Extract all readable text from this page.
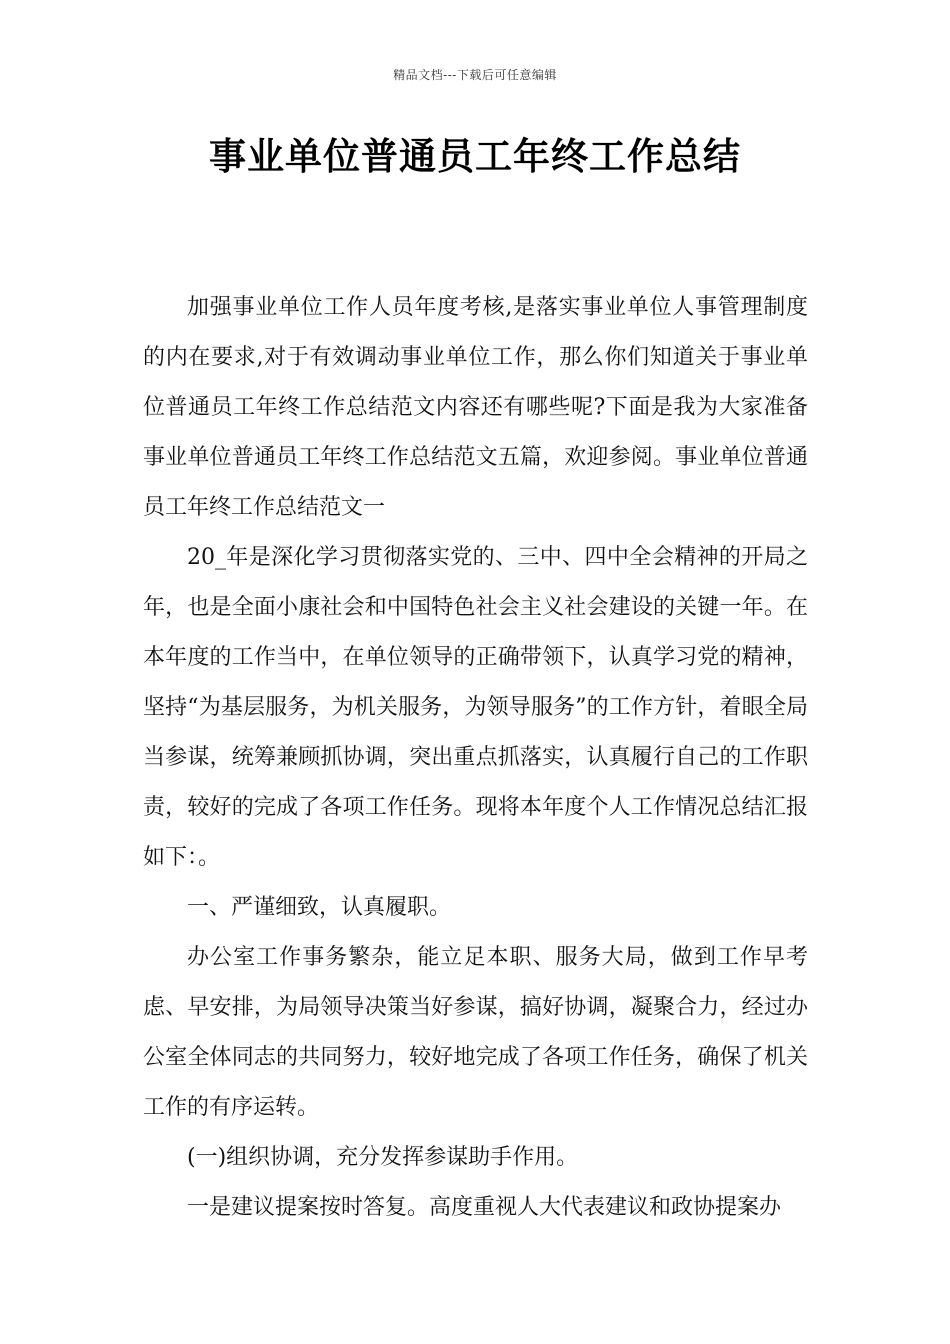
精品文档---下载后可任意编辑
事业单位普通员工年终工作总结

加强事业单位工作人员年度考核,是落实事业单位人事管理制度的内在要求,对于有效调动事业单位工作，那么你们知道关于事业单位普通员工年终工作总结范文内容还有哪些呢?下面是我为大家准备事业单位普通员工年终工作总结范文五篇，欢迎参阅。事业单位普通员工年终工作总结范文一

20_年是深化学习贯彻落实党的、三中、四中全会精神的开局之年，也是全面小康社会和中国特色社会主义社会建设的关键一年。在本年度的工作当中，在单位领导的正确带领下，认真学习党的精神，坚持“为基层服务，为机关服务，为领导服务”的工作方针，着眼全局当参谋，统筹兼顾抓协调，突出重点抓落实，认真履行自己的工作职责，较好的完成了各项工作任务。现将本年度个人工作情况总结汇报如下：。

一、严谨细致，认真履职。

办公室工作事务繁杂，能立足本职、服务大局，做到工作早考虑、早安排，为局领导决策当好参谋，搞好协调，凝聚合力，经过办公室全体同志的共同努力，较好地完成了各项工作任务，确保了机关工作的有序运转。

(一)组织协调，充分发挥参谋助手作用。

一是建议提案按时答复。高度重视人大代表建议和政协提案办
